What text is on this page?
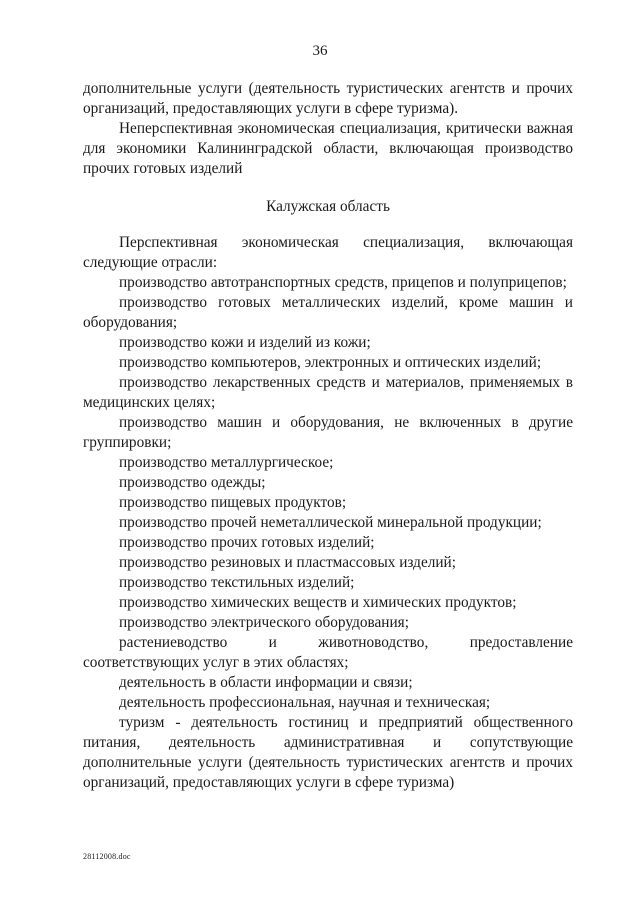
36

дополнительные услуги (деятельность туристических агентств и прочих организаций, предоставляющих услуги в сфере туризма).

Неперспективная экономическая специализация, критически важная для экономики Калининградской области, включающая производство прочих готовых изделий

Калужская область

Перспективная экономическая специализация, включающая следующие отрасли:

производство автотранспортных средств, прицепов и полуприцепов;

производство готовых металлических изделий, кроме машин и оборудования;

производство кожи и изделий из кожи;

производство компьютеров, электронных и оптических изделий;

производство лекарственных средств и материалов, применяемых в медицинских целях;

производство машин и оборудования, не включенных в другие группировки;

производство металлургическое;

производство одежды;

производство пищевых продуктов;

производство прочей неметаллической минеральной продукции;

производство прочих готовых изделий;

производство резиновых и пластмассовых изделий;

производство текстильных изделий;

производство химических веществ и химических продуктов;

производство электрического оборудования;

растениеводство и животноводство, предоставление соответствующих услуг в этих областях;

деятельность в области информации и связи;

деятельность профессиональная, научная и техническая;

туризм - деятельность гостиниц и предприятий общественного питания, деятельность административная и сопутствующие дополнительные услуги (деятельность туристических агентств и прочих организаций, предоставляющих услуги в сфере туризма)

28112008.doc
